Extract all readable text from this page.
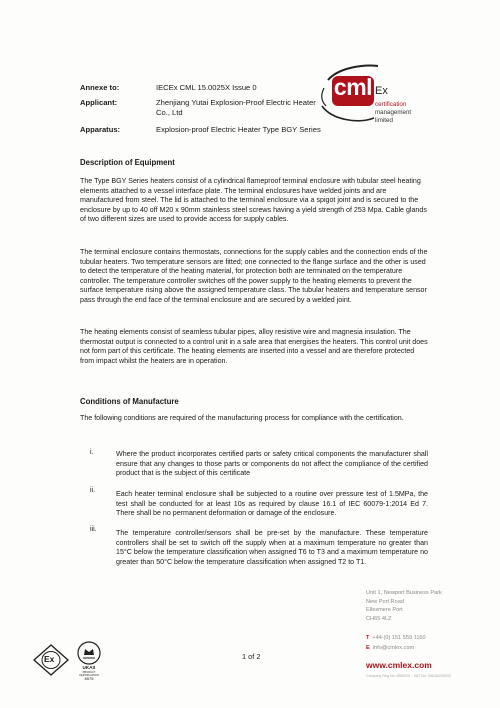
Annexe to:	IECEx CML 15.0025X Issue 0
Applicant:	Zhenjiang Yutai Explosion-Proof Electric Heater Co., Ltd
Apparatus:	Explosion-proof Electric Heater Type BGY Series
cml Ex
certification
management
limited
Description of Equipment
The Type BGY Series heaters consist of a cylindrical flameproof terminal enclosure with tubular steel heating elements attached to a vessel interface plate. The terminal enclosures have welded joints and are manufactured from steel. The lid is attached to the terminal enclosure via a spigot joint and is secured to the enclosure by up to 40 off M20 x 90mm stainless steel screws having a yield strength of 253 Mpa. Cable glands of two different sizes are used to provide access for supply cables.
The terminal enclosure contains thermostats, connections for the supply cables and the connection ends of the tubular heaters. Two temperature sensors are fitted; one connected to the flange surface and the other is used to detect the temperature of the heating material, for protection both are terminated on the temperature controller. The temperature controller switches off the power supply to the heating elements to prevent the surface temperature rising above the assigned temperature class. The tubular heaters and temperature sensor pass through the end face of the terminal enclosure and are secured by a welded joint.
The heating elements consist of seamless tubular pipes, alloy resistive wire and magnesia insulation. The thermostat output is connected to a control unit in a safe area that energises the heaters. This control unit does not form part of this certificate. The heating elements are inserted into a vessel and are therefore protected from impact whilst the heaters are in operation.
Conditions of Manufacture
The following conditions are required of the manufacturing process for compliance with the certification.
i.	Where the product incorporates certified parts or safety critical components the manufacturer shall ensure that any changes to those parts or components do not affect the compliance of the certified product that is the subject of this certificate
ii.	Each heater terminal enclosure shall be subjected to a routine over pressure test of 1.5MPa, the test shall be conducted for at least 10s as required by clause 16.1 of IEC 60079-1:2014 Ed 7. There shall be no permanent deformation or damage of the enclosure.
iii.	The temperature controller/sensors shall be pre-set by the manufacture. These temperature controllers shall be set to switch off the supply when at a maximum temperature no greater than 15°C below the temperature classification when assigned T6 to T3 and a maximum temperature no greater than 50°C below the temperature classification when assigned T2 to T1.
Unit 1, Newport Business Park
New Port Road
Ellesmere Port
CH65 4LZ
T +44 (0) 151 559 1160
E info@cmlex.com
www.cmlex.com
Company Reg No: 8564001 · VAT No: GB160209193
1 of 2
Ex
UKAS
PRODUCT CERTIFICATION
8575
